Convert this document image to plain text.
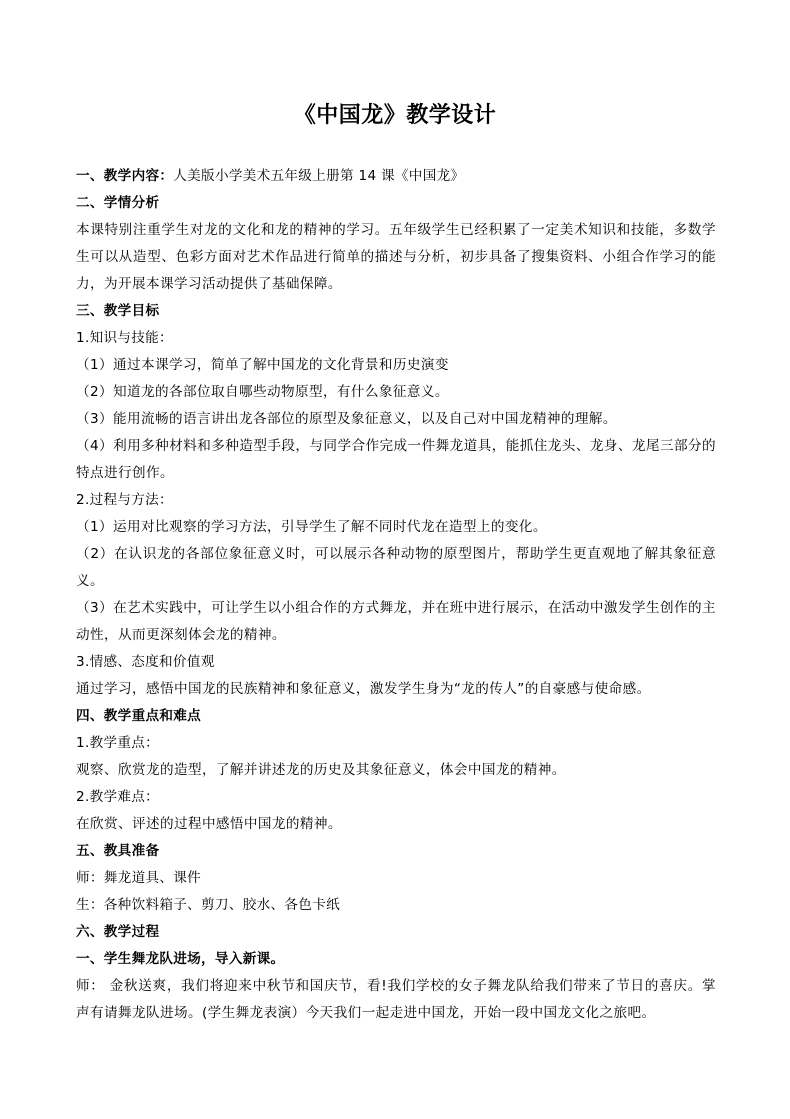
《中国龙》教学设计
一、教学内容：人美版小学美术五年级上册第 14 课《中国龙》
二、学情分析
本课特别注重学生对龙的文化和龙的精神的学习。五年级学生已经积累了一定美术知识和技能，多数学生可以从造型、色彩方面对艺术作品进行简单的描述与分析，初步具备了搜集资料、小组合作学习的能力，为开展本课学习活动提供了基础保障。
三、教学目标
1.知识与技能：
（1）通过本课学习，简单了解中国龙的文化背景和历史演变
（2）知道龙的各部位取自哪些动物原型，有什么象征意义。
（3）能用流畅的语言讲出龙各部位的原型及象征意义，以及自己对中国龙精神的理解。
（4）利用多种材料和多种造型手段，与同学合作完成一件舞龙道具，能抓住龙头、龙身、龙尾三部分的特点进行创作。
2.过程与方法：
（1）运用对比观察的学习方法，引导学生了解不同时代龙在造型上的变化。
（2）在认识龙的各部位象征意义时，可以展示各种动物的原型图片，帮助学生更直观地了解其象征意义。
（3）在艺术实践中，可让学生以小组合作的方式舞龙，并在班中进行展示，在活动中激发学生创作的主动性，从而更深刻体会龙的精神。
3.情感、态度和价值观
通过学习，感悟中国龙的民族精神和象征意义，激发学生身为“龙的传人”的自豪感与使命感。
四、教学重点和难点
1.教学重点：
观察、欣赏龙的造型，了解并讲述龙的历史及其象征意义，体会中国龙的精神。
2.教学难点：
在欣赏、评述的过程中感悟中国龙的精神。
五、教具准备
师：舞龙道具、课件
生：各种饮料箱子、剪刀、胶水、各色卡纸
六、教学过程
一、学生舞龙队进场，导入新课。
师： 金秋送爽，我们将迎来中秋节和国庆节，看!我们学校的女子舞龙队给我们带来了节日的喜庆。掌声有请舞龙队进场。(学生舞龙表演）今天我们一起走进中国龙，开始一段中国龙文化之旅吧。
